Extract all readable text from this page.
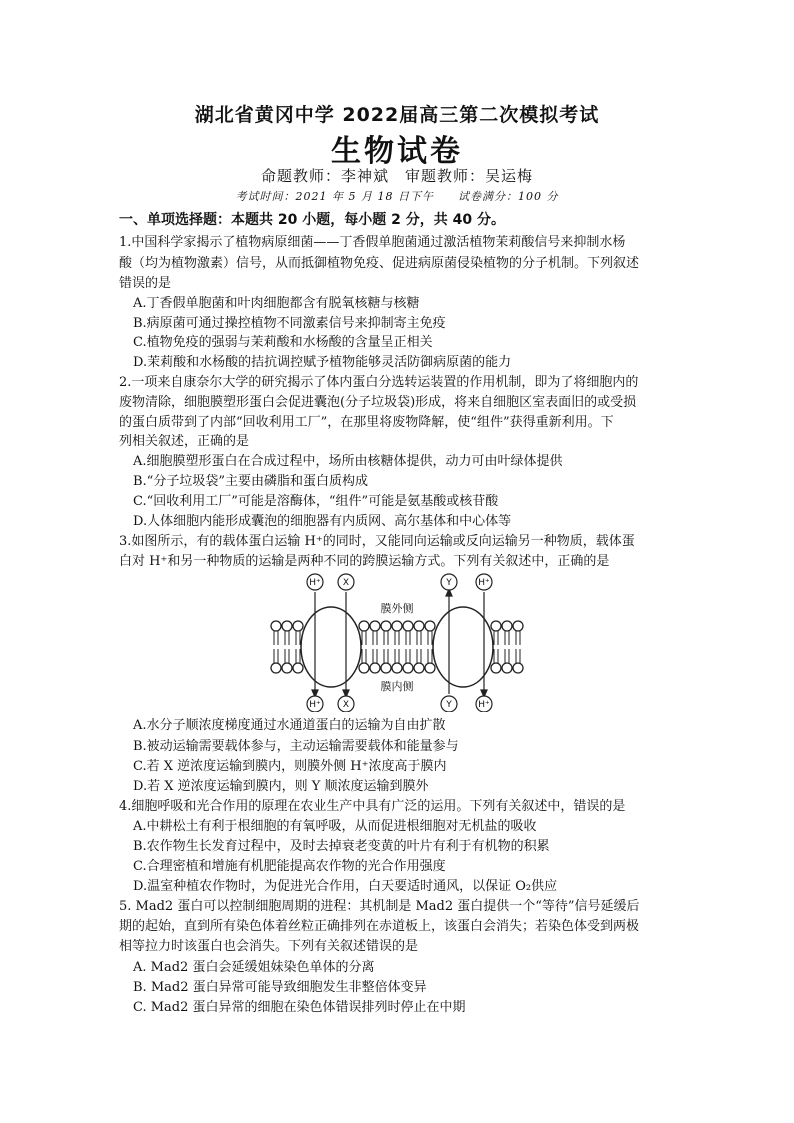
湖北省黄冈中学 2022届高三第二次模拟考试
生物试卷
命题教师：李神斌　审题教师：吴运梅
考试时间：2021 年 5 月 18 日下午　　试卷满分：100 分
一、单项选择题：本题共 20 小题，每小题 2 分，共 40 分。
1.中国科学家揭示了植物病原细菌——丁香假单胞菌通过激活植物茉莉酸信号来抑制水杨
酸（均为植物激素）信号，从而抵御植物免疫、促进病原菌侵染植物的分子机制。下列叙述
错误的是
A.丁香假单胞菌和叶肉细胞都含有脱氧核糖与核糖
B.病原菌可通过操控植物不同激素信号来抑制寄主免疫
C.植物免疫的强弱与茉莉酸和水杨酸的含量呈正相关
D.茉莉酸和水杨酸的拮抗调控赋予植物能够灵活防御病原菌的能力
2.一项来自康奈尔大学的研究揭示了体内蛋白分选转运装置的作用机制，即为了将细胞内的
废物清除，细胞膜塑形蛋白会促进囊泡(分子垃圾袋)形成，将来自细胞区室表面旧的或受损
的蛋白质带到了内部“回收利用工厂”，在那里将废物降解，使“组件”获得重新利用。下
列相关叙述，正确的是
A.细胞膜塑形蛋白在合成过程中，场所由核糖体提供，动力可由叶绿体提供
B.“分子垃圾袋”主要由磷脂和蛋白质构成
C.“回收利用工厂”可能是溶酶体，“组件”可能是氨基酸或核苷酸
D.人体细胞内能形成囊泡的细胞器有内质网、高尔基体和中心体等
3.如图所示，有的载体蛋白运输 H⁺的同时，又能同向运输或反向运输另一种物质，载体蛋
白对 H⁺和另一种物质的运输是两种不同的跨膜运输方式。下列有关叙述中，正确的是
H⁺ X	Y	H⁺
H⁺ X	Y	H⁺
膜外侧
膜内侧
A.水分子顺浓度梯度通过水通道蛋白的运输为自由扩散
B.被动运输需要载体参与，主动运输需要载体和能量参与
C.若 X 逆浓度运输到膜内，则膜外侧 H⁺浓度高于膜内
D.若 X 逆浓度运输到膜内，则 Y 顺浓度运输到膜外
4.细胞呼吸和光合作用的原理在农业生产中具有广泛的运用。下列有关叙述中，错误的是
A.中耕松土有利于根细胞的有氧呼吸，从而促进根细胞对无机盐的吸收
B.农作物生长发育过程中，及时去掉衰老变黄的叶片有利于有机物的积累
C.合理密植和增施有机肥能提高农作物的光合作用强度
D.温室种植农作物时，为促进光合作用，白天要适时通风，以保证 O₂供应
5. Mad2 蛋白可以控制细胞周期的进程：其机制是 Mad2 蛋白提供一个“等待”信号延缓后
期的起始，直到所有染色体着丝粒正确排列在赤道板上，该蛋白会消失；若染色体受到两极
相等拉力时该蛋白也会消失。下列有关叙述错误的是
A. Mad2 蛋白会延缓姐妹染色单体的分离
B. Mad2 蛋白异常可能导致细胞发生非整倍体变异
C. Mad2 蛋白异常的细胞在染色体错误排列时停止在中期
